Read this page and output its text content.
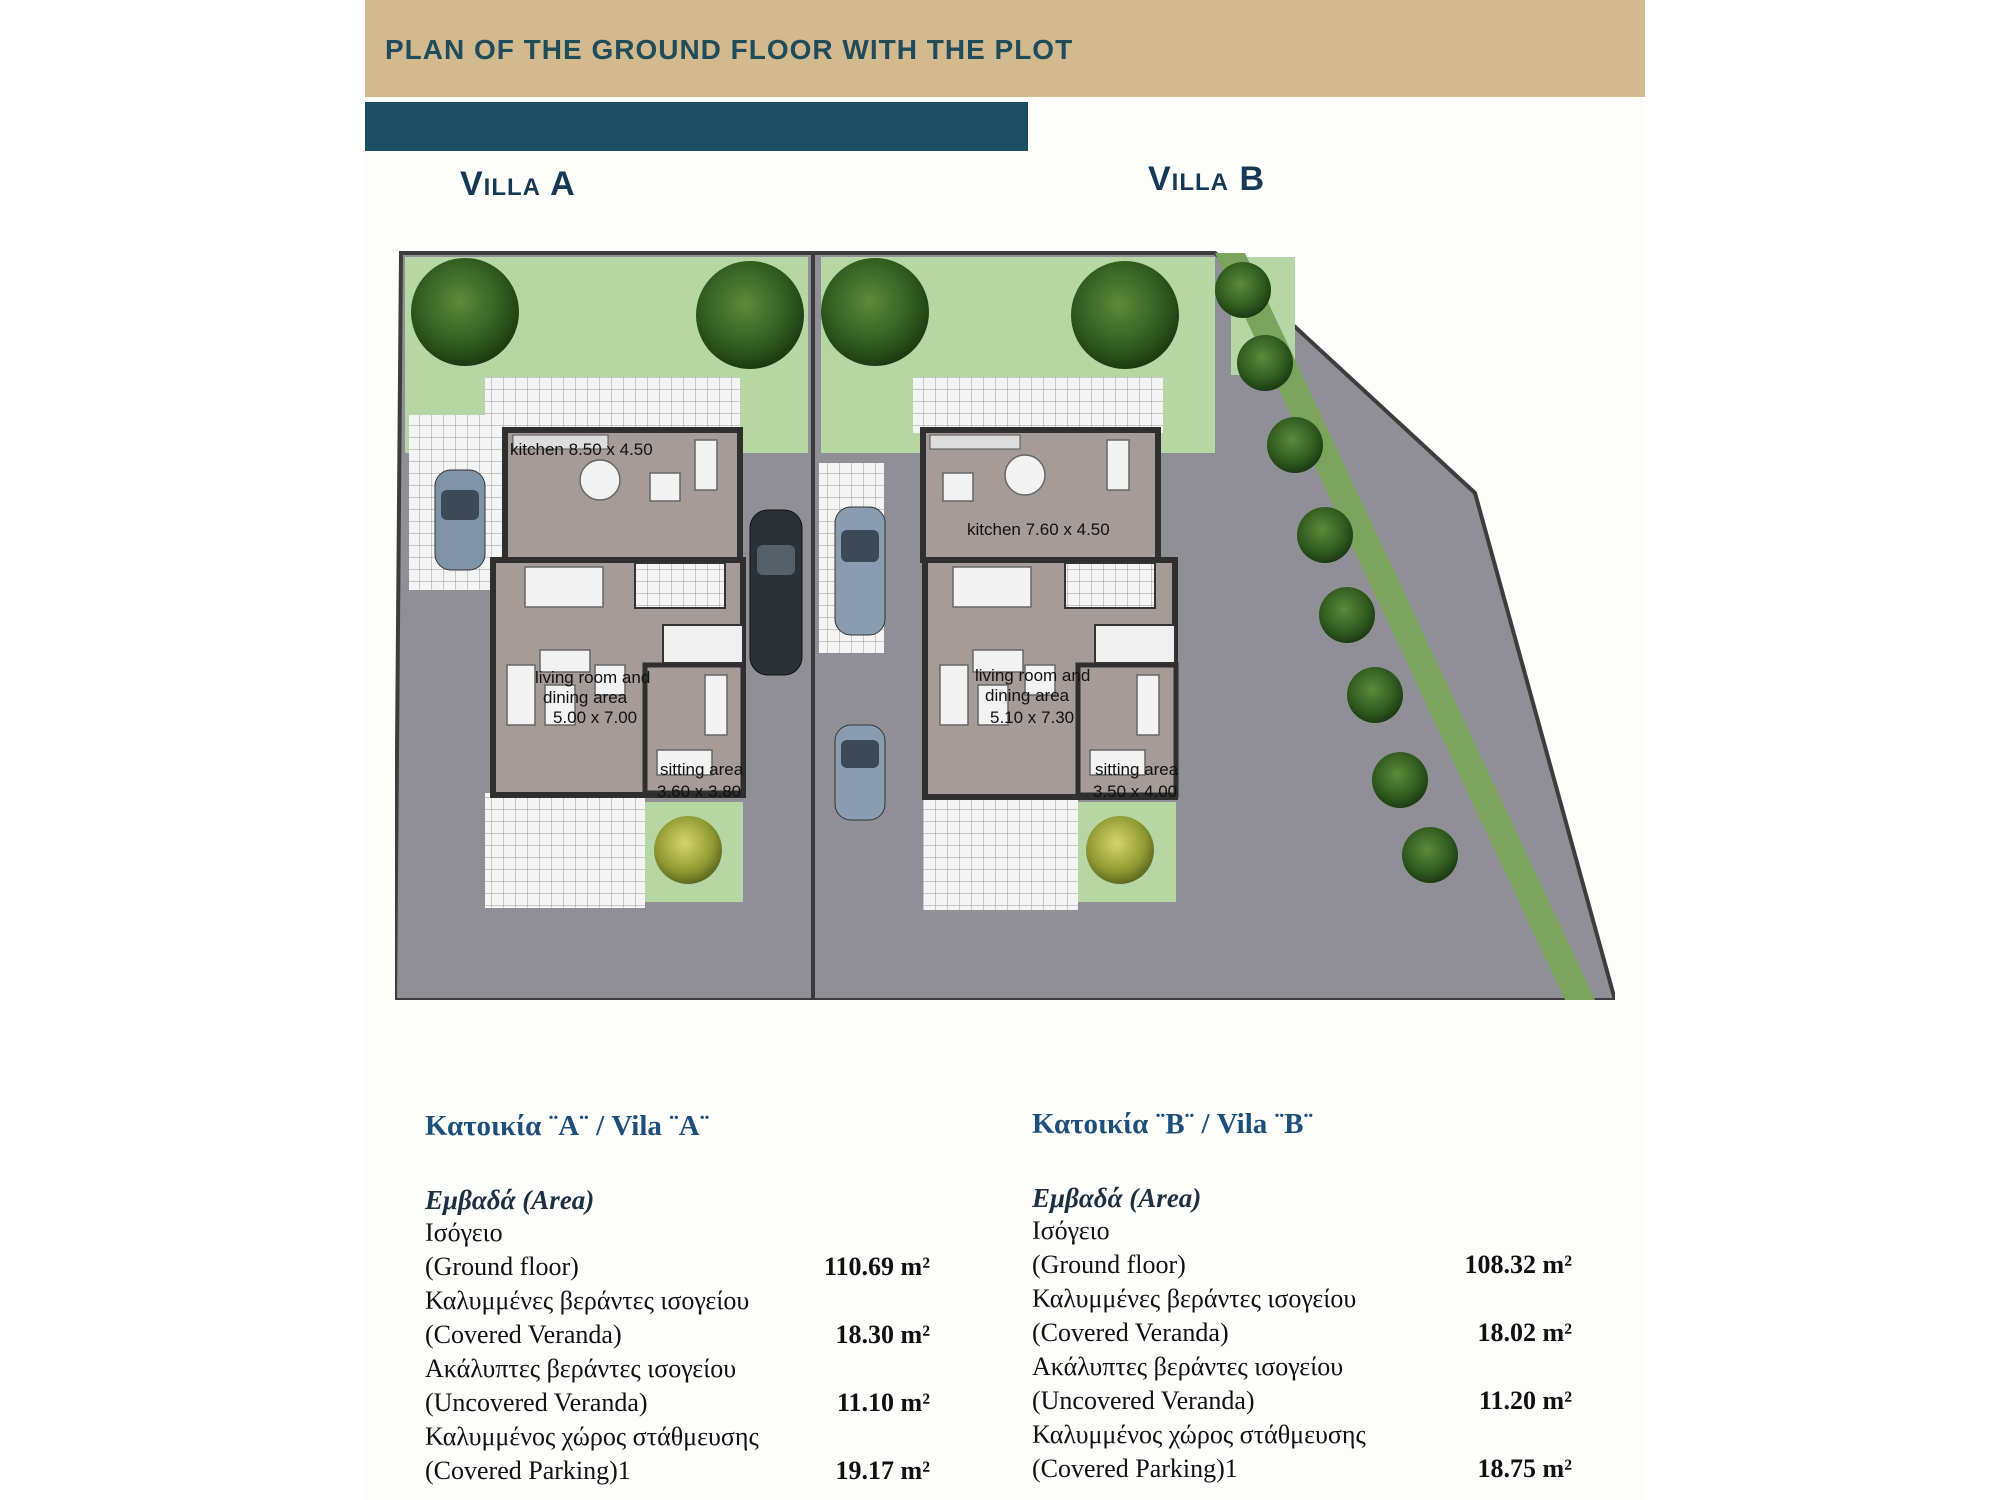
PLAN OF THE GROUND FLOOR WITH THE PLOT
Villa A	Villa B
kitchen 8.50 x 4.50
living room and
dining area
5.00 x 7.00
sitting area
3.60 x 3.80
kitchen 7.60 x 4.50
living room and
dining area
5.10 x 7.30
sitting area
3.50 x 4.00
Κατοικία ¨Α¨ / Vila ¨A¨
Εμβαδά (Area)
Ισόγειο
(Ground floor)	110.69 m²
Καλυμμένες βεράντες ισογείου
(Covered Veranda)	18.30 m²
Ακάλυπτες βεράντες ισογείου
(Uncovered Veranda)	11.10 m²
Καλυμμένος χώρος στάθμευσης
(Covered Parking)1	19.17 m²
Κατοικία ¨Β¨ / Vila ¨B¨
Εμβαδά (Area)
Ισόγειο
(Ground floor)	108.32 m²
Καλυμμένες βεράντες ισογείου
(Covered Veranda)	18.02 m²
Ακάλυπτες βεράντες ισογείου
(Uncovered Veranda)	11.20 m²
Καλυμμένος χώρος στάθμευσης
(Covered Parking)1	18.75 m²
